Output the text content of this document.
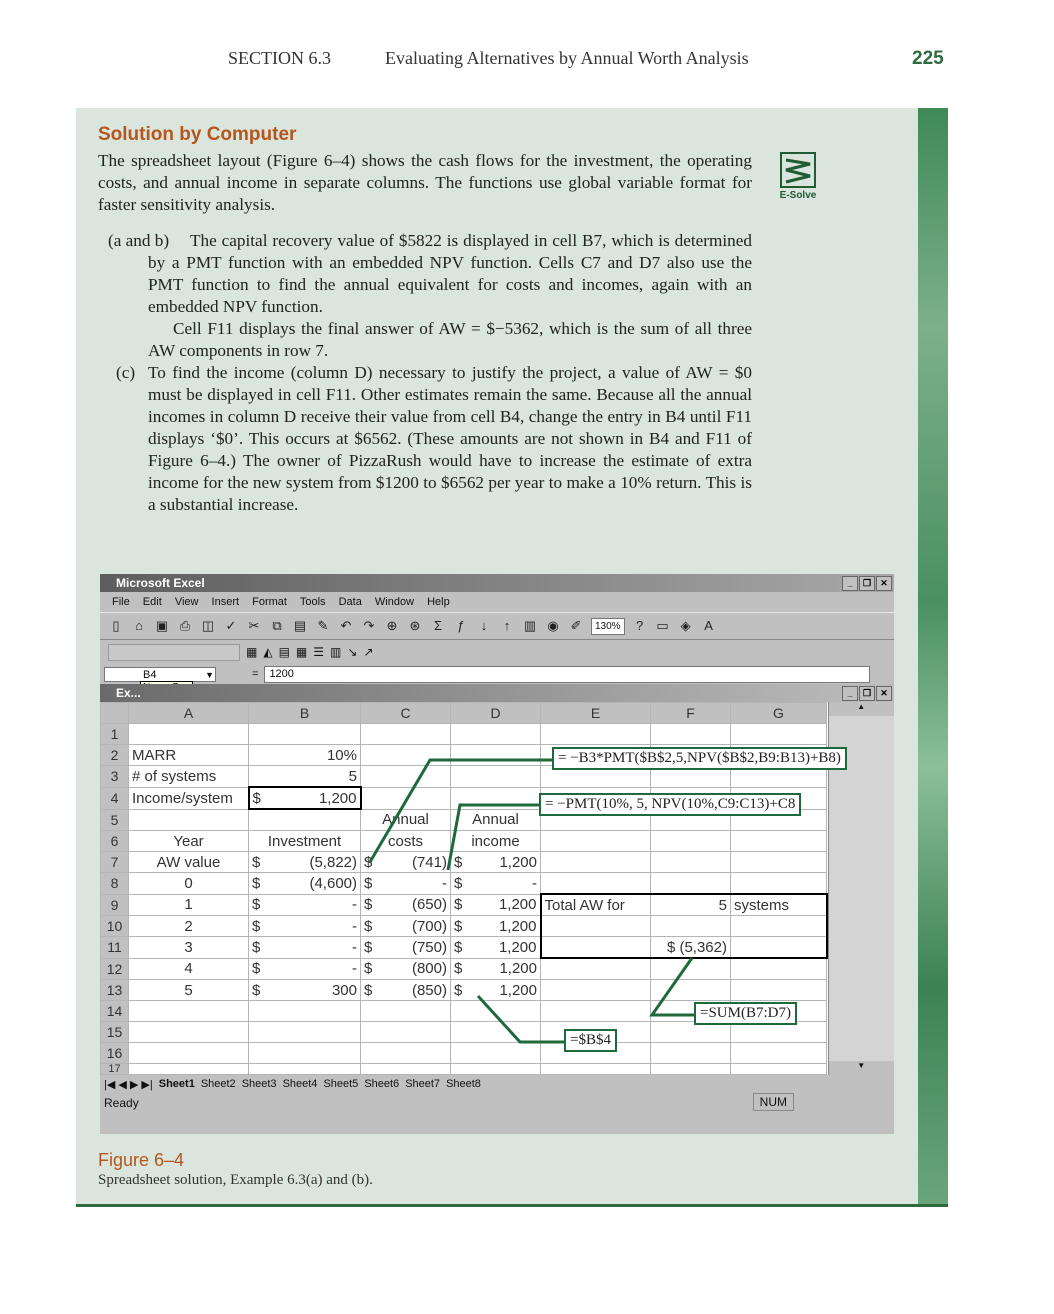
SECTION 6.3	Evaluating Alternatives by Annual Worth Analysis	225
Solution by Computer
The spreadsheet layout (Figure 6–4) shows the cash flows for the investment, the operating costs, and annual income in separate columns. The functions use global variable format for faster sensitivity analysis.	E-Solve
(a and b)	The capital recovery value of $5822 is displayed in cell B7, which is determined by a PMT function with an embedded NPV function. Cells C7 and D7 also use the PMT function to find the annual equivalent for costs and incomes, again with an embedded NPV function.
Cell F11 displays the final answer of AW = $−5362, which is the sum of all three AW components in row 7.
(c) To find the income (column D) necessary to justify the project, a value of AW = $0 must be displayed in cell F11. Other estimates remain the same. Because all the annual incomes in column D receive their value from cell B4, change the entry in B4 until F11 displays ‘$0’. This occurs at $6562. (These amounts are not shown in B4 and F11 of Figure 6–4.) The owner of PizzaRush would have to increase the estimate of extra income for the new system from $1200 to $6562 per year to make a 10% return. This is a substantial increase.
Microsoft Excel	_	❐	✕
File Edit View Insert Format Tools Data Window Help
▯	⌂ ▣ ⎙ ◫ ✓ ✂ ⧉ ▤ ✎ ↶ ↷ ⊕ ⊛	Σ	ƒ	↓	↑	▥ ◉ ✐	130%	?	▭ ◈ A
▦ ◭ ▤ ▦ ☰ ▥ ↘ ↗
B4	▼	=	1200
Ex...	_	❐	✕
	A	B	C	D	E	F	G
1							
2	MARR	10%					
3	# of systems	5					
4	Income/system	$ 1,200					

5			Annual	Annual			
6	Year	Investment	costs	income			
7	AW value	$ (5,822)	$ (741)	$ 1,200			

8	0	$ (4,600)	$ -	$ -			

9	1	$ -	$ (650)	$ 1,200	Total AW for	5	systems
10	2	$ -	$ (700)	$ 1,200			

11	3	$ -	$ (750)	$ 1,200		$ (5,362)	
12	4	$ -	$ (800)	$ 1,200			

13	5	$ 300	$ (850)	$ 1,200			

14							
15							
16							
17							
▲
▼
|◀ ◀ ▶ ▶| Sheet1 Sheet2 Sheet3 Sheet4 Sheet5 Sheet6 Sheet7 Sheet8
Ready	NUM
= −B3*PMT($B$2,5,NPV($B$2,B9:B13)+B8)
= −PMT(10%, 5, NPV(10%,C9:C13)+C8
=SUM(B7:D7)
=$B$4
Figure 6–4
Spreadsheet solution, Example 6.3(a) and (b).
